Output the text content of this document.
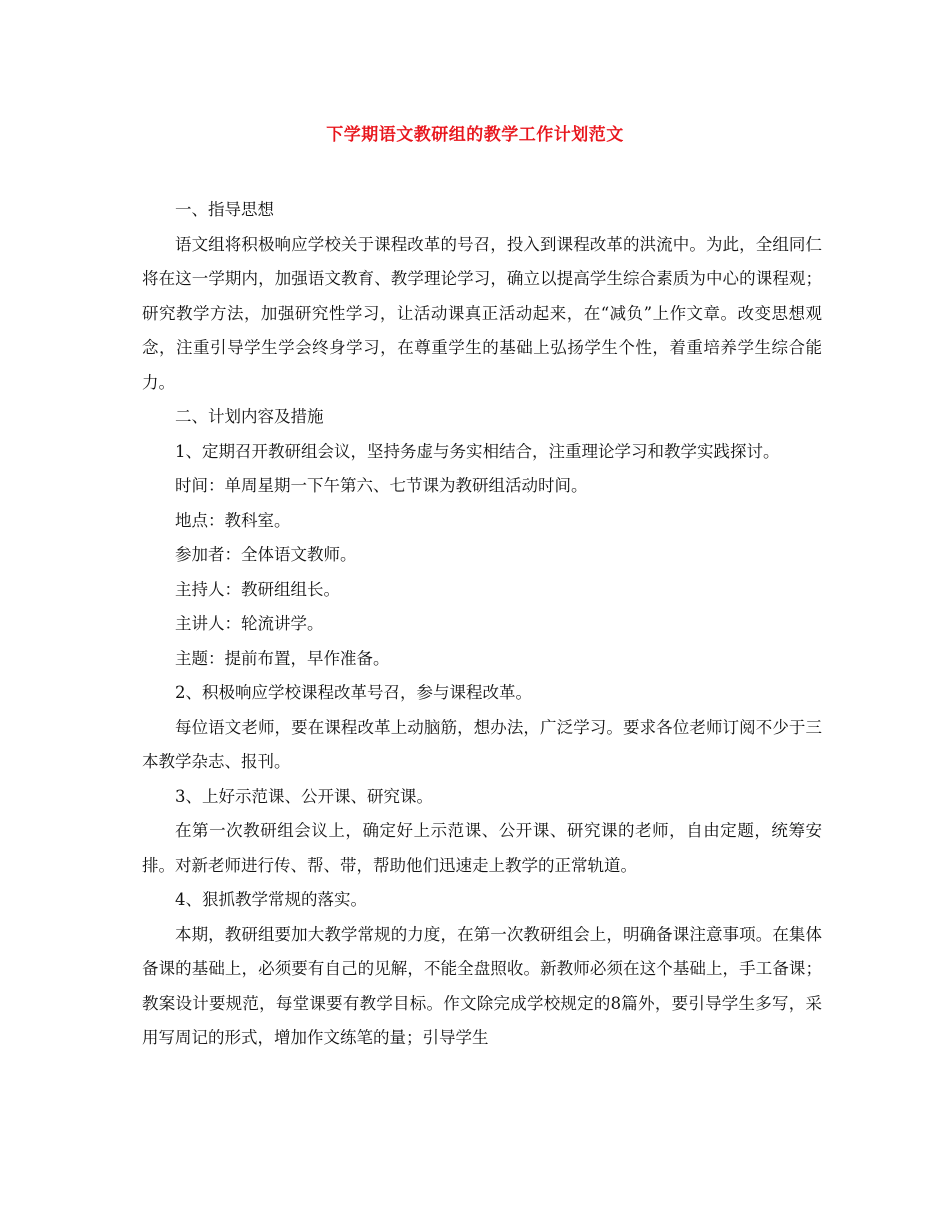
下学期语文教研组的教学工作计划范文

一、指导思想

语文组将积极响应学校关于课程改革的号召，投入到课程改革的洪流中。为此，全组同仁将在这一学期内，加强语文教育、教学理论学习，确立以提高学生综合素质为中心的课程观；研究教学方法，加强研究性学习，让活动课真正活动起来，在“减负”上作文章。改变思想观念，注重引导学生学会终身学习，在尊重学生的基础上弘扬学生个性，着重培养学生综合能力。

二、计划内容及措施

1、定期召开教研组会议，坚持务虚与务实相结合，注重理论学习和教学实践探讨。

时间：单周星期一下午第六、七节课为教研组活动时间。

地点：教科室。

参加者：全体语文教师。

主持人：教研组组长。

主讲人：轮流讲学。

主题：提前布置，早作准备。

2、积极响应学校课程改革号召，参与课程改革。

每位语文老师，要在课程改革上动脑筋，想办法，广泛学习。要求各位老师订阅不少于三本教学杂志、报刊。

3、上好示范课、公开课、研究课。

在第一次教研组会议上，确定好上示范课、公开课、研究课的老师，自由定题，统筹安排。对新老师进行传、帮、带，帮助他们迅速走上教学的正常轨道。

4、狠抓教学常规的落实。

本期，教研组要加大教学常规的力度，在第一次教研组会上，明确备课注意事项。在集体备课的基础上，必须要有自己的见解，不能全盘照收。新教师必须在这个基础上，手工备课；教案设计要规范，每堂课要有教学目标。作文除完成学校规定的8篇外，要引导学生多写，采用写周记的形式，增加作文练笔的量；引导学生
